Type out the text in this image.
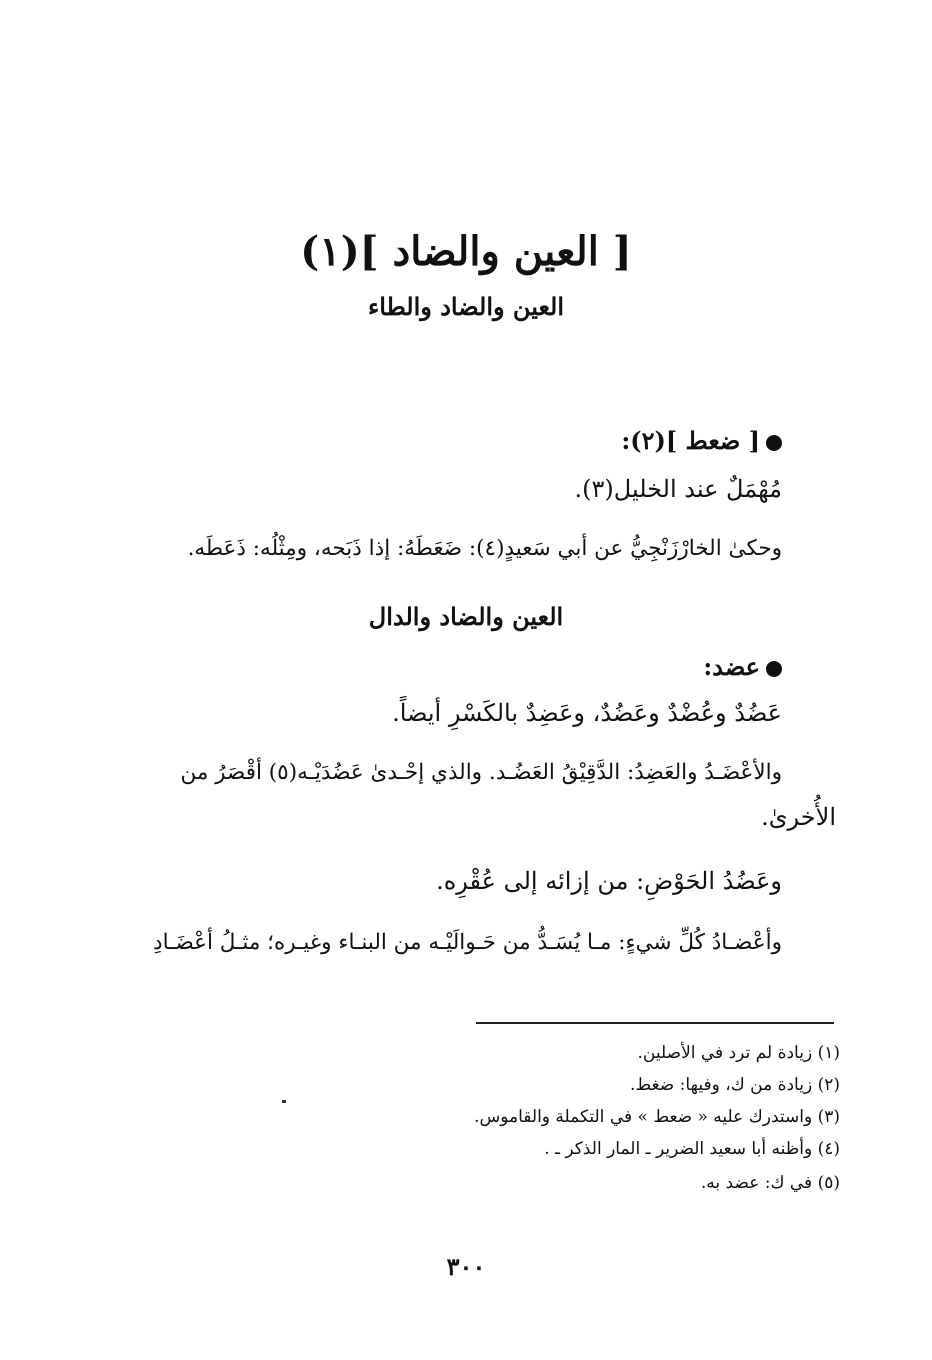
[ العين والضاد ](١)
العين والضاد والطاء
[ ضعط ](٢):
مُهْمَلٌ عند الخليل(٣).
وحكىٰ الخارْزَنْجِيُّ عن أبي سَعيدٍ(٤): ضَعَطَهُ: إذا ذَبَحه، ومِثْلُه: ذَعَطَه.
العين والضاد والدال
عضد:
عَضُدٌ وعُضْدٌ وعَضُدٌ، وعَضِدٌ بالكَسْرِ أيضاً.
والأعْضَـدُ والعَضِدُ: الدَّقِيْقُ العَضُـد. والذي إحْـدىٰ عَضُدَيْـه(٥) أقْصَرُ من
الأُخرىٰ.
وعَضُدُ الحَوْضِ: من إزائه إلى عُقْرِه.
وأعْضـادُ كُلِّ شيءٍ: مـا يُسَـدُّ من حَـوالَيْـه من البنـاء وغيـره؛ مثـلُ أعْضَـادِ
(١) زيادة لم ترد في الأصلين.
(٢) زيادة من ك، وفيها: ضغط.
(٣) واستدرك عليه « ضعط » في التكملة والقاموس.
(٤) وأظنه أبا سعيد الضرير ـ المار الذكر ـ .
(٥) في ك: عضد به.
٣٠٠
